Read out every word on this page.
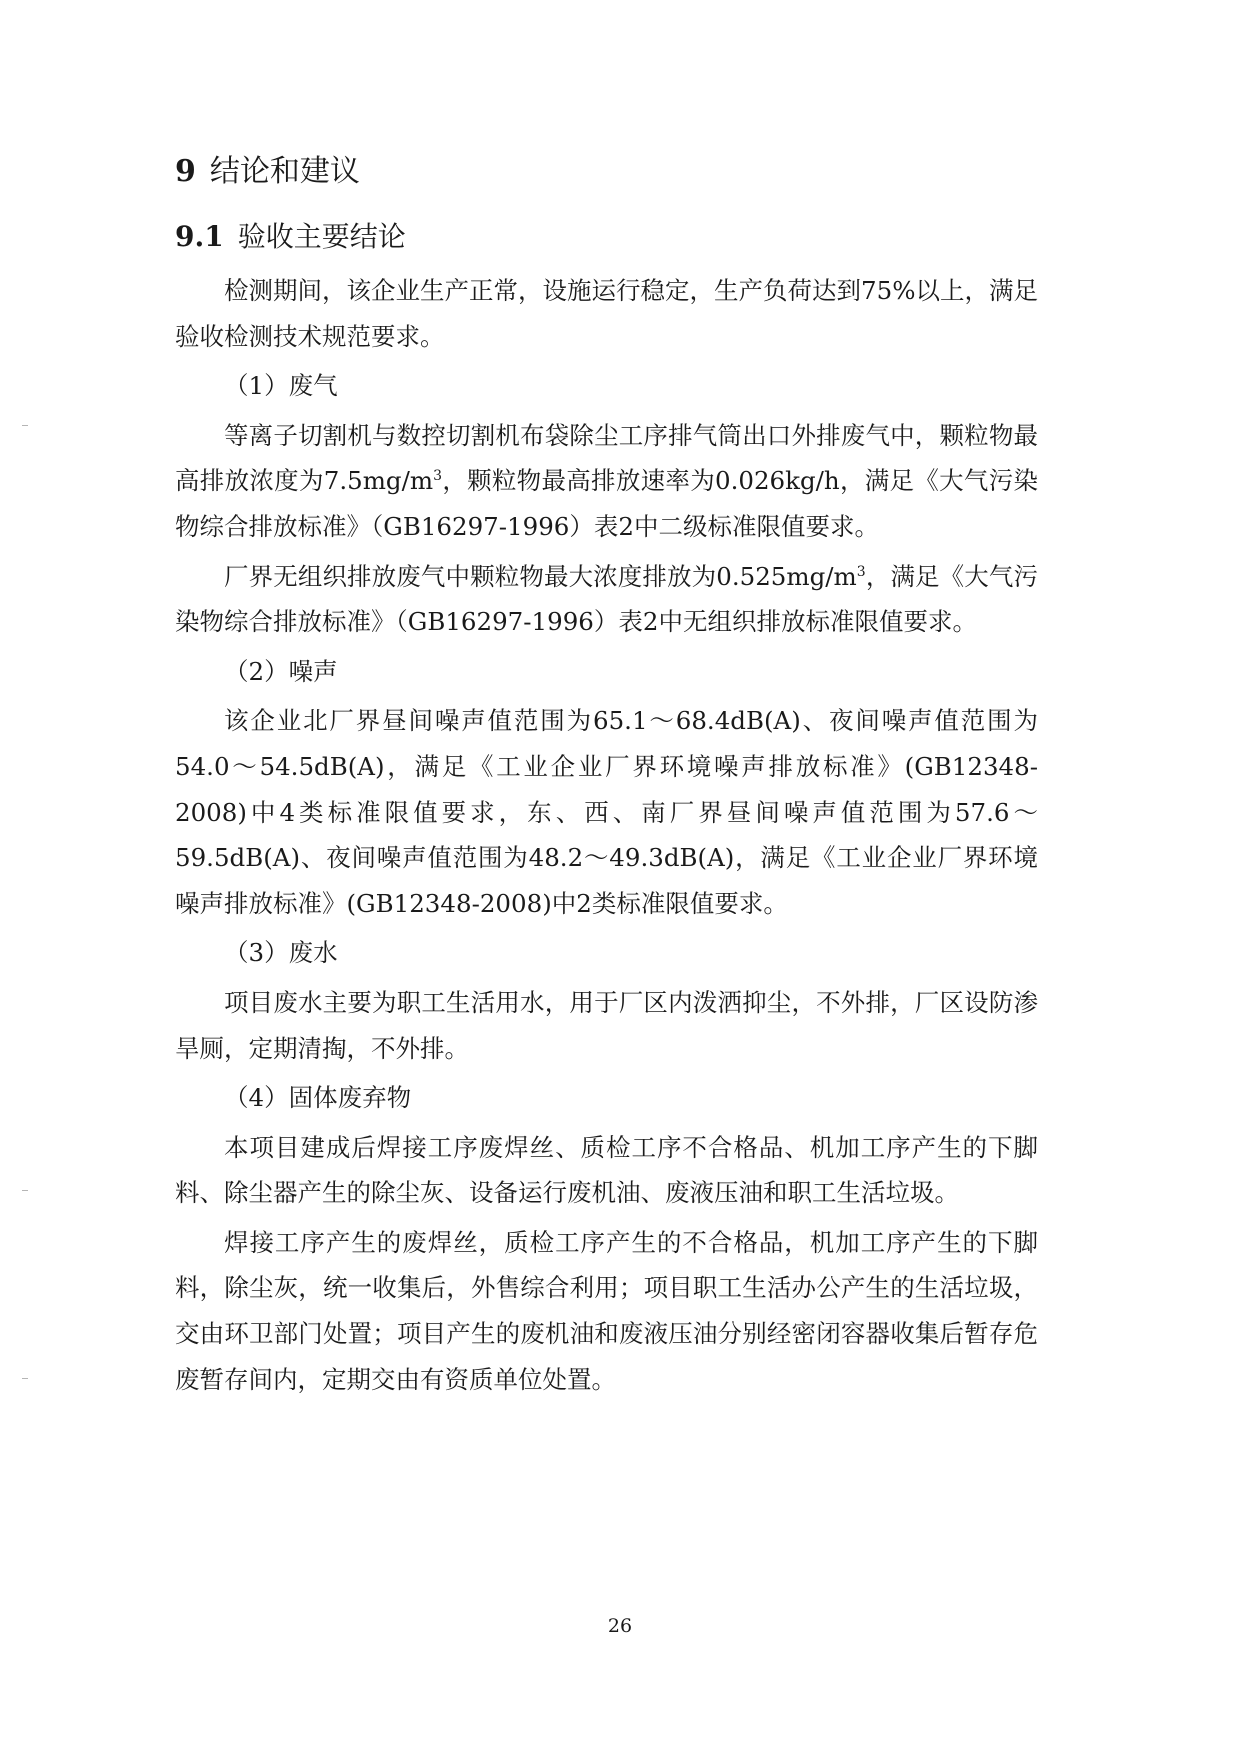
9 结论和建议
9.1 验收主要结论

检测期间，该企业生产正常，设施运行稳定，生产负荷达到75%以上，满足验收检测技术规范要求。

（1）废气

等离子切割机与数控切割机布袋除尘工序排气筒出口外排废气中，颗粒物最高排放浓度为$7.5mg/m^3$，颗粒物最高排放速率为0.026kg/h，满足《大气污染物综合排放标准》（GB16297-1996）表2中二级标准限值要求。

厂界无组织排放废气中颗粒物最大浓度排放为$0.525mg/m^3$，满足《大气污染物综合排放标准》（GB16297-1996）表2中无组织排放标准限值要求。

（2）噪声

该企业北厂界昼间噪声值范围为65.1～68.4dB(A)、夜间噪声值范围为54.0～54.5dB(A)，满足《工业企业厂界环境噪声排放标准》(GB12348-2008)中4类标准限值要求，东、西、南厂界昼间噪声值范围为57.6～59.5dB(A)、夜间噪声值范围为48.2～49.3dB(A)，满足《工业企业厂界环境噪声排放标准》(GB12348-2008)中2类标准限值要求。

（3）废水

项目废水主要为职工生活用水，用于厂区内泼洒抑尘，不外排，厂区设防渗旱厕，定期清掏，不外排。

（4）固体废弃物

本项目建成后焊接工序废焊丝、质检工序不合格品、机加工序产生的下脚料、除尘器产生的除尘灰、设备运行废机油、废液压油和职工生活垃圾。

焊接工序产生的废焊丝，质检工序产生的不合格品，机加工序产生的下脚料，除尘灰，统一收集后，外售综合利用；项目职工生活办公产生的生活垃圾，交由环卫部门处置；项目产生的废机油和废液压油分别经密闭容器收集后暂存危废暂存间内，定期交由有资质单位处置。

26
